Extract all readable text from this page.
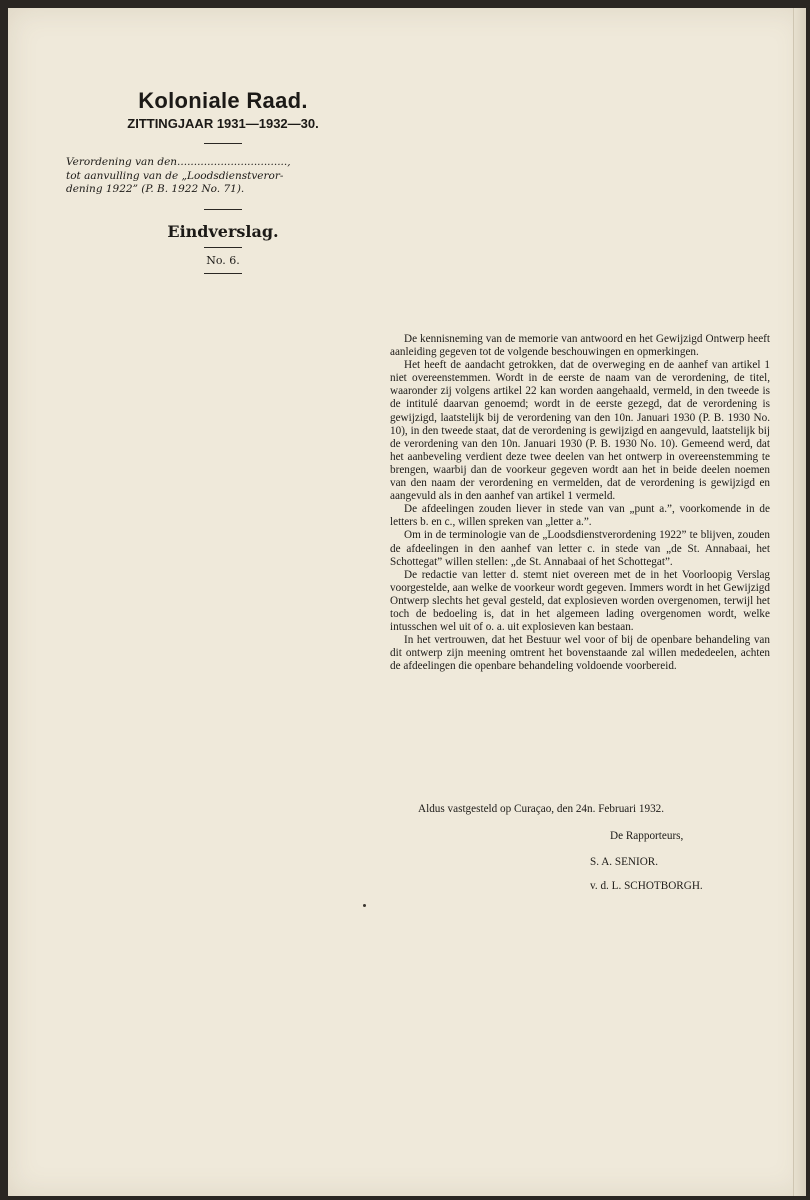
Koloniale Raad.
ZITTINGJAAR 1931—1932—30.
Verordening van den.................................,
tot aanvulling van de „Loodsdienstveror-
dening 1922” (P. B. 1922 No. 71).
Eindverslag.
No. 6.

De kennisneming van de memorie van antwoord en het Gewijzigd Ontwerp heeft aanleiding gegeven tot de volgende beschouwingen en opmerkingen.

Het heeft de aandacht getrokken, dat de overweging en de aanhef van artikel 1 niet overeenstemmen. Wordt in de eerste de naam van de verordening, de titel, waaronder zij volgens artikel 22 kan worden aangehaald, vermeld, in den tweede is de intitulé daarvan genoemd; wordt in de eerste gezegd, dat de verordening is gewijzigd, laatstelijk bij de verordening van den 10n. Januari 1930 (P. B. 1930 No. 10), in den tweede staat, dat de verordening is gewijzigd en aangevuld, laatstelijk bij de verordening van den 10n. Januari 1930 (P. B. 1930 No. 10). Gemeend werd, dat het aanbeveling verdient deze twee deelen van het ontwerp in overeenstemming te brengen, waarbij dan de voorkeur gegeven wordt aan het in beide deelen noemen van den naam der verordening en vermelden, dat de verordening is gewijzigd en aangevuld als in den aanhef van artikel 1 vermeld.

De afdeelingen zouden liever in stede van van „punt a.”, voorkomende in de letters b. en c., willen spreken van „letter a.”.

Om in de terminologie van de „Loodsdienstverordening 1922” te blijven, zouden de afdeelingen in den aanhef van letter c. in stede van „de St. Annabaai, het Schottegat” willen stellen: „de St. Annabaai of het Schottegat”.

De redactie van letter d. stemt niet overeen met de in het Voorloopig Verslag voorgestelde, aan welke de voorkeur wordt gegeven. Immers wordt in het Gewijzigd Ontwerp slechts het geval gesteld, dat explosieven worden overgenomen, terwijl het toch de bedoeling is, dat in het algemeen lading overgenomen wordt, welke intusschen wel uit of o. a. uit explosieven kan bestaan.

In het vertrouwen, dat het Bestuur wel voor of bij de openbare behandeling van dit ontwerp zijn meening omtrent het bovenstaande zal willen mededeelen, achten de afdeelingen die openbare behandeling voldoende voorbereid.

Aldus vastgesteld op Curaçao, den 24n. Februari 1932.
De Rapporteurs,
S. A. SENIOR.
v. d. L. SCHOTBORGH.
